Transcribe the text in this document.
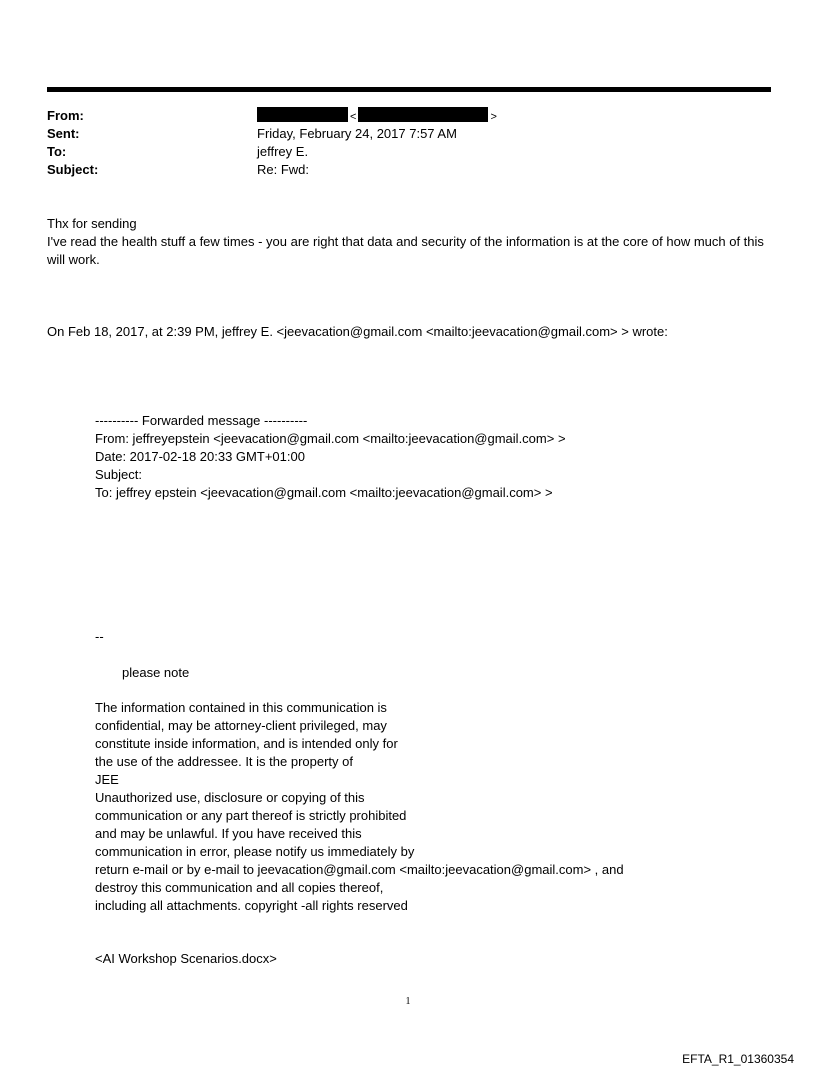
From:	<	>
Sent:	Friday, February 24, 2017 7:57 AM
To:	jeffrey E.
Subject:	Re: Fwd:
Thx for sending
I've read the health stuff a few times - you are right that data and security of the information is at the core of how much of this will work.
On Feb 18, 2017, at 2:39 PM, jeffrey E. <jeevacation@gmail.com <mailto:jeevacation@gmail.com> > wrote:
---------- Forwarded message ----------
From: jeffreyepstein <jeevacation@gmail.com <mailto:jeevacation@gmail.com> >
Date: 2017-02-18 20:33 GMT+01:00
Subject:
To: jeffrey epstein <jeevacation@gmail.com <mailto:jeevacation@gmail.com> >
--
please note
The information contained in this communication is
confidential, may be attorney-client privileged, may
constitute inside information, and is intended only for
the use of the addressee. It is the property of
JEE
Unauthorized use, disclosure or copying of this
communication or any part thereof is strictly prohibited
and may be unlawful. If you have received this
communication in error, please notify us immediately by
return e-mail or by e-mail to jeevacation@gmail.com <mailto:jeevacation@gmail.com> , and
destroy this communication and all copies thereof,
including all attachments. copyright -all rights reserved
<AI Workshop Scenarios.docx>
1
EFTA_R1_01360354
